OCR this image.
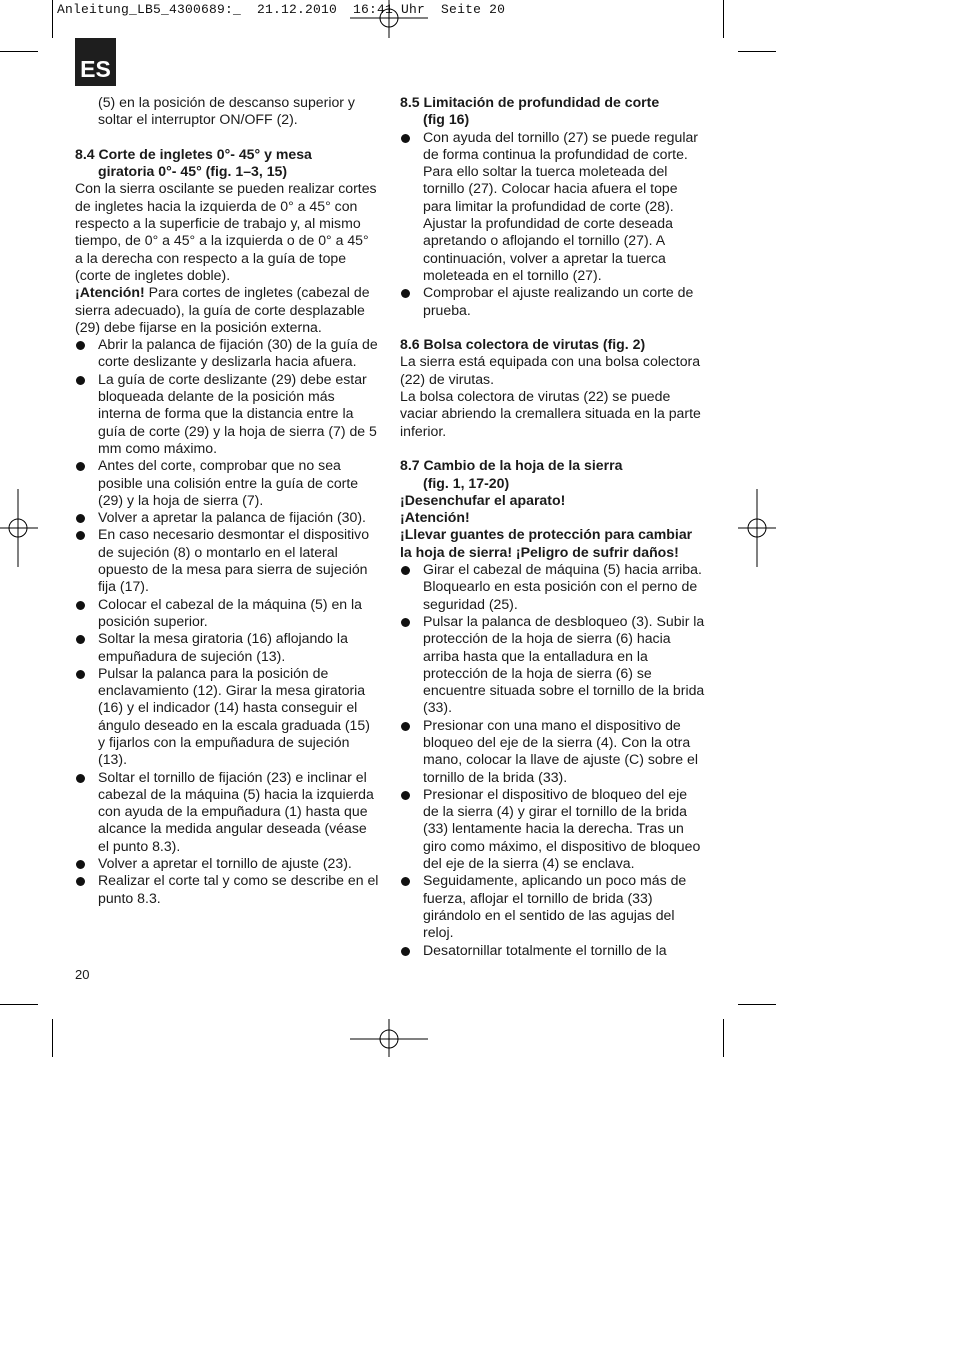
Anleitung_LB5_4300689:_  21.12.2010  16:41 Uhr  Seite 20
ES

(5) en la posición de descanso superior y soltar el interruptor ON/OFF (2).

8.4 Corte de ingletes 0°- 45° y mesa
giratoria 0°- 45° (fig. 1–3, 15)

Con la sierra oscilante se pueden realizar cortes de ingletes hacia la izquierda de 0° a 45° con respecto a la superficie de trabajo y, al mismo tiempo, de 0° a 45° a la izquierda o de 0° a 45° a la derecha con respecto a la guía de tope (corte de ingletes doble).

¡Atención! Para cortes de ingletes (cabezal de sierra adecuado), la guía de corte desplazable (29) debe fijarse en la posición externa.

Abrir la palanca de fijación (30) de la guía de corte deslizante y deslizarla hacia afuera.
La guía de corte deslizante (29) debe estar bloqueada delante de la posición más interna de forma que la distancia entre la guía de corte (29) y la hoja de sierra (7) de 5 mm como máximo.
Antes del corte, comprobar que no sea posible una colisión entre la guía de corte (29) y la hoja de sierra (7).
Volver a apretar la palanca de fijación (30).
En caso necesario desmontar el dispositivo de sujeción (8) o montarlo en el lateral opuesto de la mesa para sierra de sujeción fija (17).
Colocar el cabezal de la máquina (5) en la posición superior.
Soltar la mesa giratoria (16) aflojando la empuñadura de sujeción (13).
Pulsar la palanca para la posición de enclavamiento (12). Girar la mesa giratoria (16) y el indicador (14) hasta conseguir el ángulo deseado en la escala graduada (15) y fijarlos con la empuñadura de sujeción (13).
Soltar el tornillo de fijación (23) e inclinar el cabezal de la máquina (5) hacia la izquierda con ayuda de la empuñadura (1) hasta que alcance la medida angular deseada (véase el punto 8.3).
Volver a apretar el tornillo de ajuste (23).
Realizar el corte tal y como se describe en el punto 8.3.

8.5 Limitación de profundidad de corte
(fig 16)

Con ayuda del tornillo (27) se puede regular de forma continua la profundidad de corte. Para ello soltar la tuerca moleteada del tornillo (27). Colocar hacia afuera el tope para limitar la profundidad de corte (28). Ajustar la profundidad de corte deseada apretando o aflojando el tornillo (27). A continuación, volver a apretar la tuerca moleteada en el tornillo (27).
Comprobar el ajuste realizando un corte de prueba.

8.6 Bolsa colectora de virutas (fig. 2)

La sierra está equipada con una bolsa colectora (22) de virutas.

La bolsa colectora de virutas (22) se puede vaciar abriendo la cremallera situada en la parte inferior.

8.7 Cambio de la hoja de la sierra
(fig. 1, 17-20)

¡Desenchufar el aparato!

¡Atención!

¡Llevar guantes de protección para cambiar la hoja de sierra! ¡Peligro de sufrir daños!

Girar el cabezal de máquina (5) hacia arriba. Bloquearlo en esta posición con el perno de seguridad (25).
Pulsar la palanca de desbloqueo (3). Subir la protección de la hoja de sierra (6) hacia arriba hasta que la entalladura en la protección de la hoja de sierra (6) se encuentre situada sobre el tornillo de la brida (33).
Presionar con una mano el dispositivo de bloqueo del eje de la sierra (4). Con la otra mano, colocar la llave de ajuste (C) sobre el tornillo de la brida (33).
Presionar el dispositivo de bloqueo del eje de la sierra (4) y girar el tornillo de la brida (33) lentamente hacia la derecha. Tras un giro como máximo, el dispositivo de bloqueo del eje de la sierra (4) se enclava.
Seguidamente, aplicando un poco más de fuerza, aflojar el tornillo de brida (33) girándolo en el sentido de las agujas del reloj.
Desatornillar totalmente el tornillo de la
20
